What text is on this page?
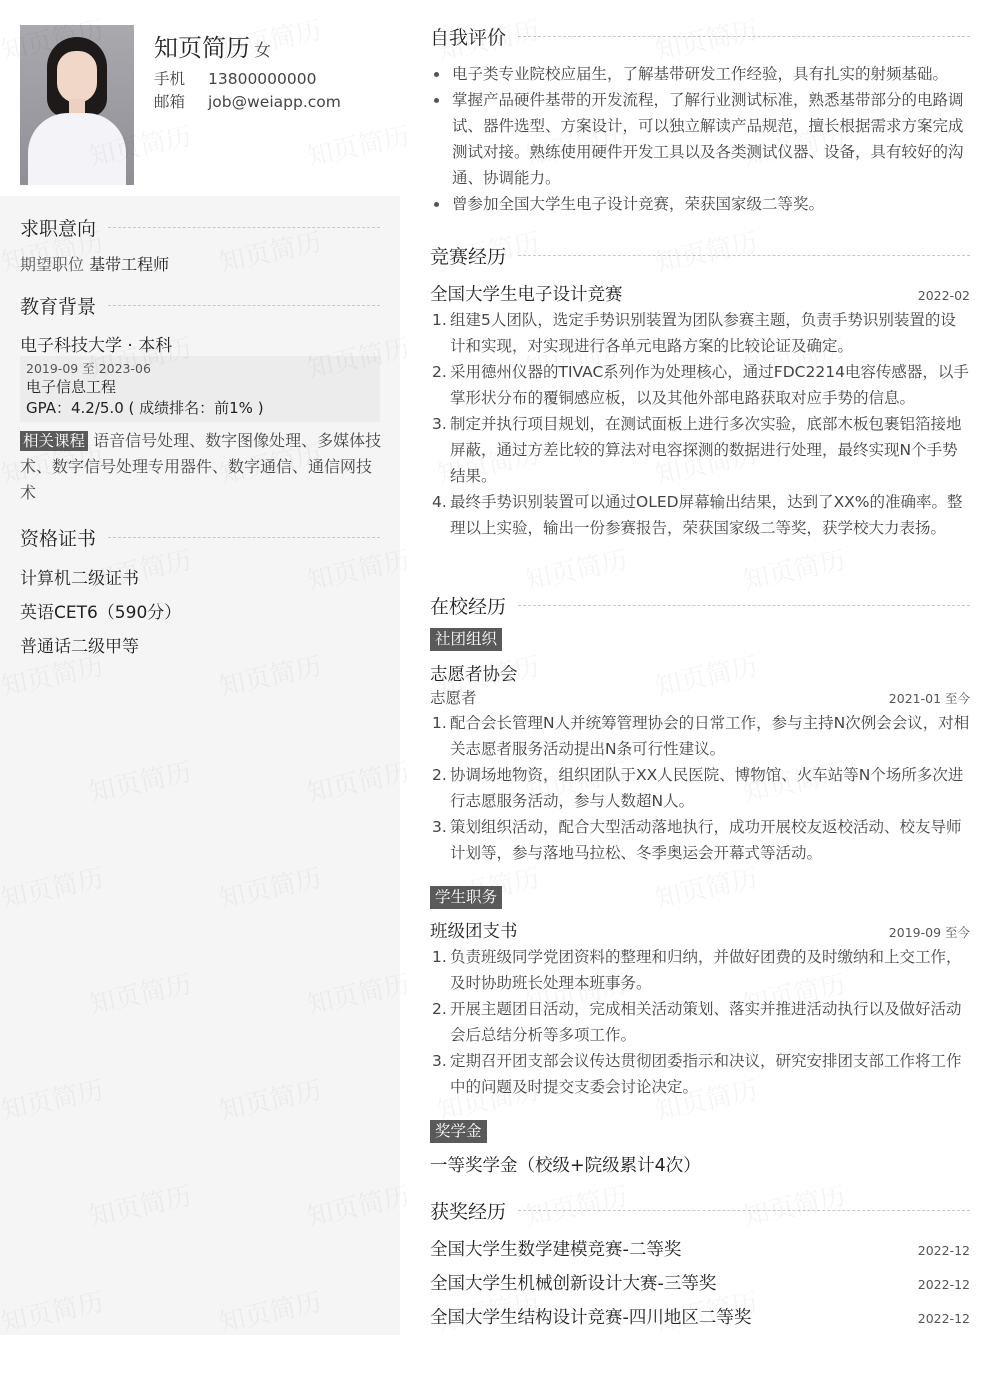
知页简历 女
手机 13800000000
邮箱 job@weiapp.com
求职意向
期望职位 基带工程师
教育背景
电子科技大学 · 本科
2019-09 至 2023-06
电子信息工程
GPA：4.2/5.0 ( 成绩排名：前1% )
相关课程 语音信号处理、数字图像处理、多媒体技术、数字信号处理专用器件、数字通信、通信网技术
资格证书
计算机二级证书
英语CET6（590分）
普通话二级甲等
自我评价
电子类专业院校应届生，了解基带研发工作经验，具有扎实的射频基础。
掌握产品硬件基带的开发流程，了解行业测试标准，熟悉基带部分的电路调试、器件选型、方案设计，可以独立解读产品规范，擅长根据需求方案完成测试对接。熟练使用硬件开发工具以及各类测试仪器、设备，具有较好的沟通、协调能力。
曾参加全国大学生电子设计竞赛，荣获国家级二等奖。
竞赛经历
全国大学生电子设计竞赛	2022-02
1. 组建5人团队，选定手势识别装置为团队参赛主题，负责手势识别装置的设计和实现，对实现进行各单元电路方案的比较论证及确定。
2. 采用德州仪器的TIVAC系列作为处理核心，通过FDC2214电容传感器，以手掌形状分布的覆铜感应板，以及其他外部电路获取对应手势的信息。
3. 制定并执行项目规划，在测试面板上进行多次实验，底部木板包裹铝箔接地屏蔽，通过方差比较的算法对电容探测的数据进行处理，最终实现N个手势结果。
4. 最终手势识别装置可以通过OLED屏幕输出结果，达到了XX%的准确率。整理以上实验，输出一份参赛报告，荣获国家级二等奖，获学校大力表扬。
在校经历
社团组织
志愿者协会
志愿者	2021-01 至今
1. 配合会长管理N人并统筹管理协会的日常工作，参与主持N次例会会议，对相关志愿者服务活动提出N条可行性建议。
2. 协调场地物资，组织团队于XX人民医院、博物馆、火车站等N个场所多次进行志愿服务活动，参与人数超N人。
3. 策划组织活动，配合大型活动落地执行，成功开展校友返校活动、校友导师计划等，参与落地马拉松、冬季奥运会开幕式等活动。
学生职务
班级团支书	2019-09 至今
1. 负责班级同学党团资料的整理和归纳，并做好团费的及时缴纳和上交工作，及时协助班长处理本班事务。
2. 开展主题团日活动，完成相关活动策划、落实并推进活动执行以及做好活动会后总结分析等多项工作。
3. 定期召开团支部会议传达贯彻团委指示和决议，研究安排团支部工作将工作中的问题及时提交支委会讨论决定。
奖学金
一等奖学金（校级+院级累计4次）
获奖经历
全国大学生数学建模竞赛-二等奖	2022-12
全国大学生机械创新设计大赛-三等奖	2022-12
全国大学生结构设计竞赛-四川地区二等奖	2022-12
